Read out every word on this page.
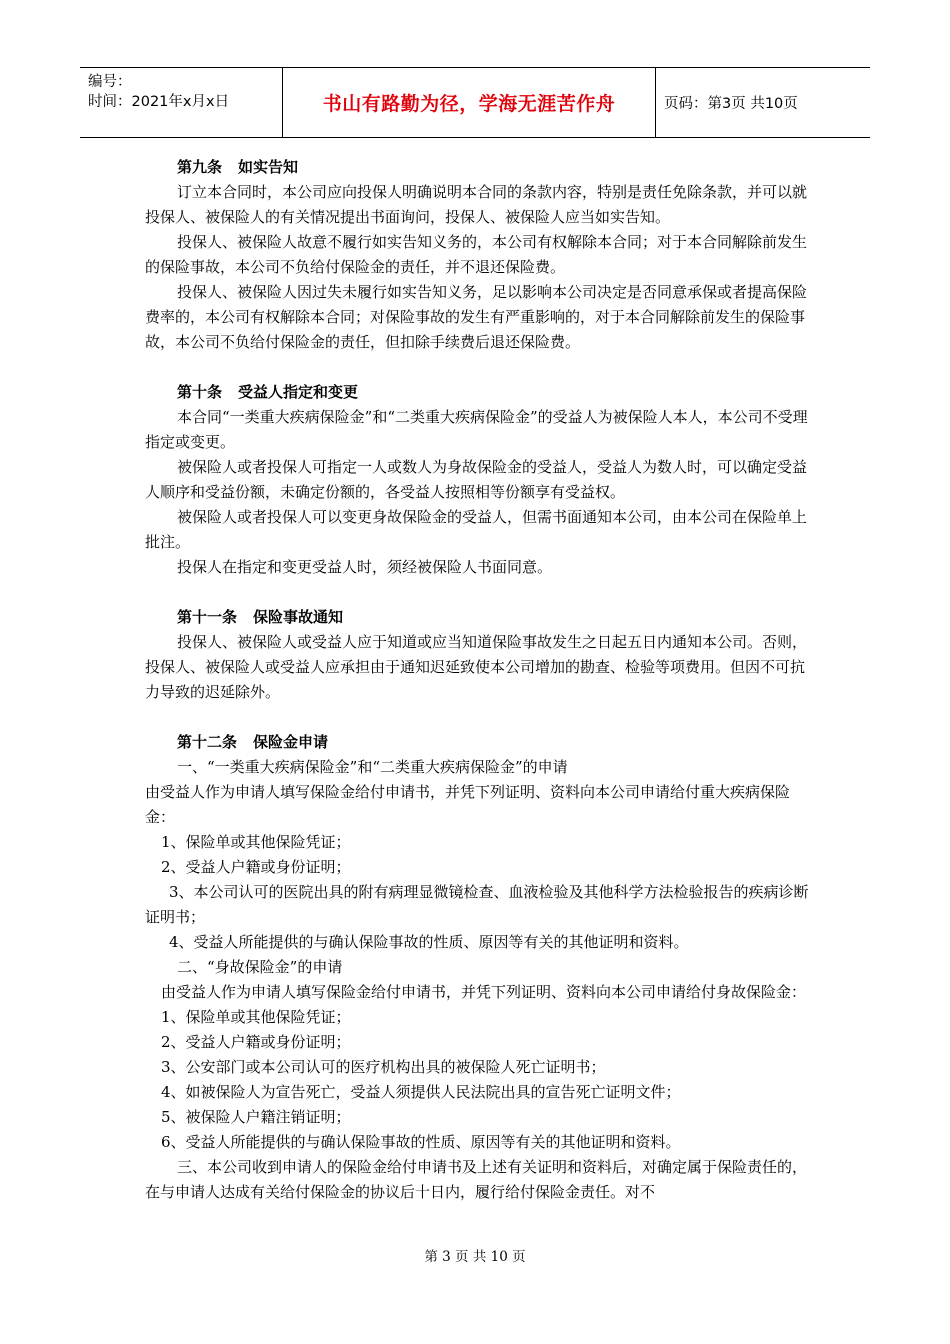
编号：
时间：2021年x月x日	书山有路勤为径，学海无涯苦作舟	页码：第3页 共10页

第九条 如实告知

订立本合同时，本公司应向投保人明确说明本合同的条款内容，特别是责任免除条款，并可以就投保人、被保险人的有关情况提出书面询问，投保人、被保险人应当如实告知。

投保人、被保险人故意不履行如实告知义务的，本公司有权解除本合同；对于本合同解除前发生的保险事故，本公司不负给付保险金的责任，并不退还保险费。

投保人、被保险人因过失未履行如实告知义务，足以影响本公司决定是否同意承保或者提高保险费率的，本公司有权解除本合同；对保险事故的发生有严重影响的，对于本合同解除前发生的保险事故，本公司不负给付保险金的责任，但扣除手续费后退还保险费。

第十条 受益人指定和变更

本合同“一类重大疾病保险金”和“二类重大疾病保险金”的受益人为被保险人本人，本公司不受理指定或变更。

被保险人或者投保人可指定一人或数人为身故保险金的受益人，受益人为数人时，可以确定受益人顺序和受益份额，未确定份额的，各受益人按照相等份额享有受益权。

被保险人或者投保人可以变更身故保险金的受益人，但需书面通知本公司，由本公司在保险单上批注。

投保人在指定和变更受益人时，须经被保险人书面同意。

第十一条 保险事故通知

投保人、被保险人或受益人应于知道或应当知道保险事故发生之日起五日内通知本公司。否则，投保人、被保险人或受益人应承担由于通知迟延致使本公司增加的勘查、检验等项费用。但因不可抗力导致的迟延除外。

第十二条 保险金申请

一、“一类重大疾病保险金”和“二类重大疾病保险金”的申请

由受益人作为申请人填写保险金给付申请书，并凭下列证明、资料向本公司申请给付重大疾病保险金：

1、保险单或其他保险凭证；

2、受益人户籍或身份证明；

3、本公司认可的医院出具的附有病理显微镜检查、血液检验及其他科学方法检验报告的疾病诊断证明书；

4、受益人所能提供的与确认保险事故的性质、原因等有关的其他证明和资料。

二、“身故保险金”的申请

由受益人作为申请人填写保险金给付申请书，并凭下列证明、资料向本公司申请给付身故保险金：

1、保险单或其他保险凭证；

2、受益人户籍或身份证明；

3、公安部门或本公司认可的医疗机构出具的被保险人死亡证明书；

4、如被保险人为宣告死亡，受益人须提供人民法院出具的宣告死亡证明文件；

5、被保险人户籍注销证明；

6、受益人所能提供的与确认保险事故的性质、原因等有关的其他证明和资料。

三、本公司收到申请人的保险金给付申请书及上述有关证明和资料后，对确定属于保险责任的，在与申请人达成有关给付保险金的协议后十日内，履行给付保险金责任。对不

第 3 页 共 10 页
